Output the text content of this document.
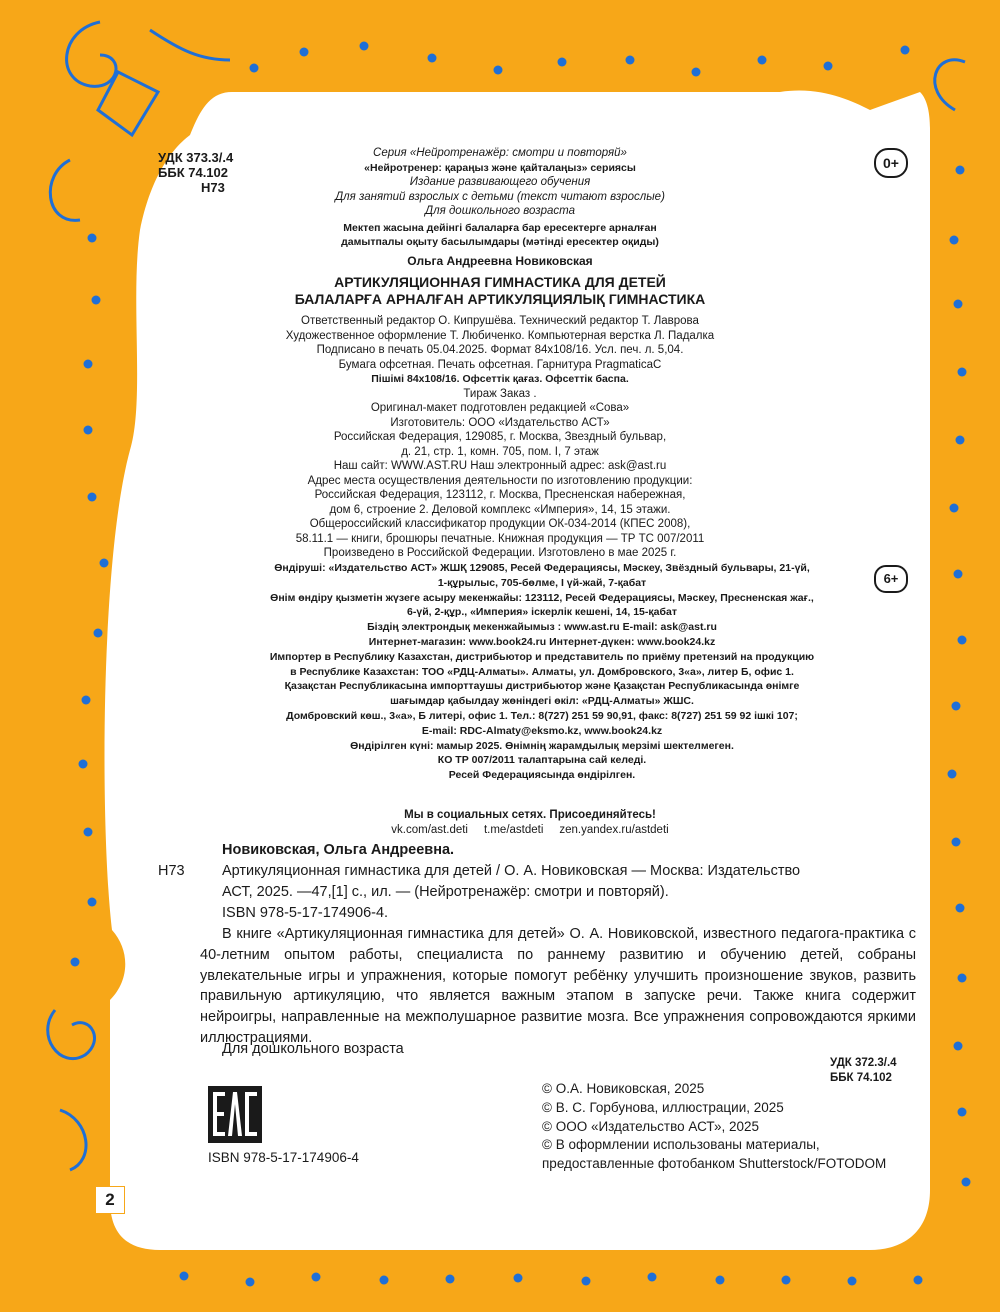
УДК 373.3/.4
ББК 74.102
Н73
0+
6+
Серия «Нейротренажёр: смотри и повторяй»
«Нейротренер: қараңыз және қайталаңыз» сериясы
Издание развивающего обучения
Для занятий взрослых с детьми (текст читают взрослые)
Для дошкольного возраста
Мектеп жасына дейінгі балаларға бар ересектерге арналған
дамытпалы оқыту басылымдары (мәтінді ересектер оқиды)
Ольга Андреевна Новиковская
АРТИКУЛЯЦИОННАЯ ГИМНАСТИКА ДЛЯ ДЕТЕЙ
БАЛАЛАРҒА АРНАЛҒАН АРТИКУЛЯЦИЯЛЫҚ ГИМНАСТИКА
Ответственный редактор О. Кипрушёва. Технический редактор Т. Лаврова
Художественное оформление Т. Любиченко. Компьютерная верстка Л. Падалка
Подписано в печать 05.04.2025. Формат 84x108/16. Усл. печ. л. 5,04.
Бумага офсетная. Печать офсетная. Гарнитура PragmaticaC
Пішімі 84x108/16. Офсеттік қағаз. Офсеттік баспа.
Тираж Заказ .
Оригинал-макет подготовлен редакцией «Сова»
Изготовитель: ООО «Издательство АСТ»
Российская Федерация, 129085, г. Москва, Звездный бульвар,
д. 21, стр. 1, комн. 705, пом. I, 7 этаж
Наш сайт: WWW.AST.RU Наш электронный адрес: ask@ast.ru
Адрес места осуществления деятельности по изготовлению продукции:
Российская Федерация, 123112, г. Москва, Пресненская набережная,
дом 6, строение 2. Деловой комплекс «Империя», 14, 15 этажи.
Общероссийский классификатор продукции ОК-034-2014 (КПЕС 2008),
58.11.1 — книги, брошюры печатные. Книжная продукция — ТР ТС 007/2011
Произведено в Российской Федерации. Изготовлено в мае 2025 г.
Өндіруші: «Издательство АСТ» ЖШҚ 129085, Ресей Федерациясы, Мәскеу, Звёздный бульвары, 21-үй,
1-құрылыс, 705-бөлме, I үй-жай, 7-қабат
Өнім өндіру қызметін жүзеге асыру мекенжайы: 123112, Ресей Федерациясы, Мәскеу, Пресненская жағ.,
6-үй, 2-құр., «Империя» іскерлік кешені, 14, 15-қабат
Біздің электрондық мекенжайымыз : www.ast.ru E-mail: ask@ast.ru
Интернет-магазин: www.book24.ru Интернет-дүкен: www.book24.kz
Импортер в Республику Казахстан, дистрибьютор и представитель по приёму претензий на продукцию
в Республике Казахстан: ТОО «РДЦ-Алматы». Алматы, ул. Домбровского, 3«а», литер Б, офис 1.
Қазақстан Республикасына импорттаушы дистрибьютор және Қазақстан Республикасында өнімге
шағымдар қабылдау жөніндегі өкіл: «РДЦ-Алматы» ЖШС.
Домбровский көш., 3«а», Б литері, офис 1. Тел.: 8(727) 251 59 90,91, факс: 8(727) 251 59 92 ішкі 107;
E-mail: RDC-Almaty@eksmo.kz, www.book24.kz
Өндірілген күні: мамыр 2025. Өнімнің жарамдылық мерзімі шектелмеген.
КО ТР 007/2011 талаптарына сай келеді.
Ресей Федерациясында өндірілген.
Мы в социальных сетях. Присоединяйтесь!
vk.com/ast.deti     t.me/astdeti     zen.yandex.ru/astdeti
Новиковская, Ольга Андреевна.
Н73	Артикуляционная гимнастика для детей / О. А. Новиковская — Москва: Издательство
АСТ, 2025. —47,[1] с., ил. — (Нейротренажёр: смотри и повторяй).
ISBN 978-5-17-174906-4.
В книге «Артикуляционная гимнастика для детей» О. А. Новиковской, известного педагога-практика с 40-летним опытом работы, специалиста по раннему развитию и обучению детей, собраны увлекательные игры и упражнения, которые помогут ребёнку улучшить произношение звуков, развить правильную артикуляцию, что является важным этапом в запуске речи. Также книга содержит нейроигры, направленные на межполушарное развитие мозга. Все упражнения сопровождаются яркими иллюстрациями.
Для дошкольного возраста
УДК 372.3/.4
ББК 74.102
ISBN 978-5-17-174906-4
© О.А. Новиковская, 2025
© В. С. Горбунова, иллюстрации, 2025
© ООО «Издательство АСТ», 2025
© В оформлении использованы материалы,
предоставленные фотобанком Shutterstock/FOTODOM
2
